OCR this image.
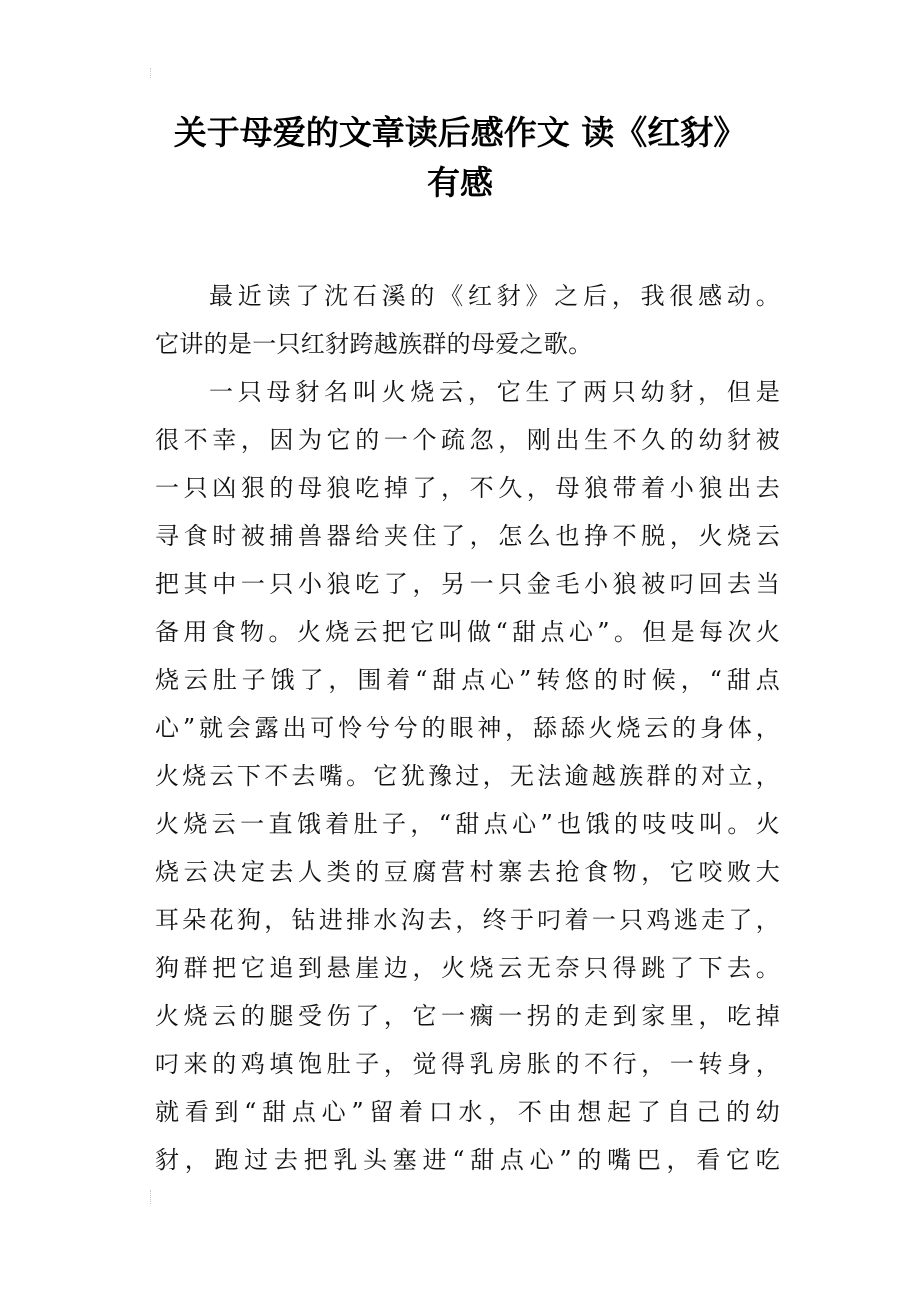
关于母爱的文章读后感作文 读《红豺》
有感
最近读了沈石溪的《红豺》之后，我很感动。
它讲的是一只红豺跨越族群的母爱之歌。
一只母豺名叫火烧云，它生了两只幼豺，但是
很不幸，因为它的一个疏忽，刚出生不久的幼豺被
一只凶狠的母狼吃掉了，不久，母狼带着小狼出去
寻食时被捕兽器给夹住了，怎么也挣不脱，火烧云
把其中一只小狼吃了，另一只金毛小狼被叼回去当
备用食物。火烧云把它叫做“甜点心”。但是每次火
烧云肚子饿了，围着“甜点心”转悠的时候，“甜点
心”就会露出可怜兮兮的眼神，舔舔火烧云的身体，
火烧云下不去嘴。它犹豫过，无法逾越族群的对立，
火烧云一直饿着肚子，“甜点心”也饿的吱吱叫。火
烧云决定去人类的豆腐营村寨去抢食物，它咬败大
耳朵花狗，钻进排水沟去，终于叼着一只鸡逃走了，
狗群把它追到悬崖边，火烧云无奈只得跳了下去。
火烧云的腿受伤了，它一瘸一拐的走到家里，吃掉
叼来的鸡填饱肚子，觉得乳房胀的不行，一转身，
就看到“甜点心”留着口水，不由想起了自己的幼
豺，跑过去把乳头塞进“甜点心”的嘴巴，看它吃
